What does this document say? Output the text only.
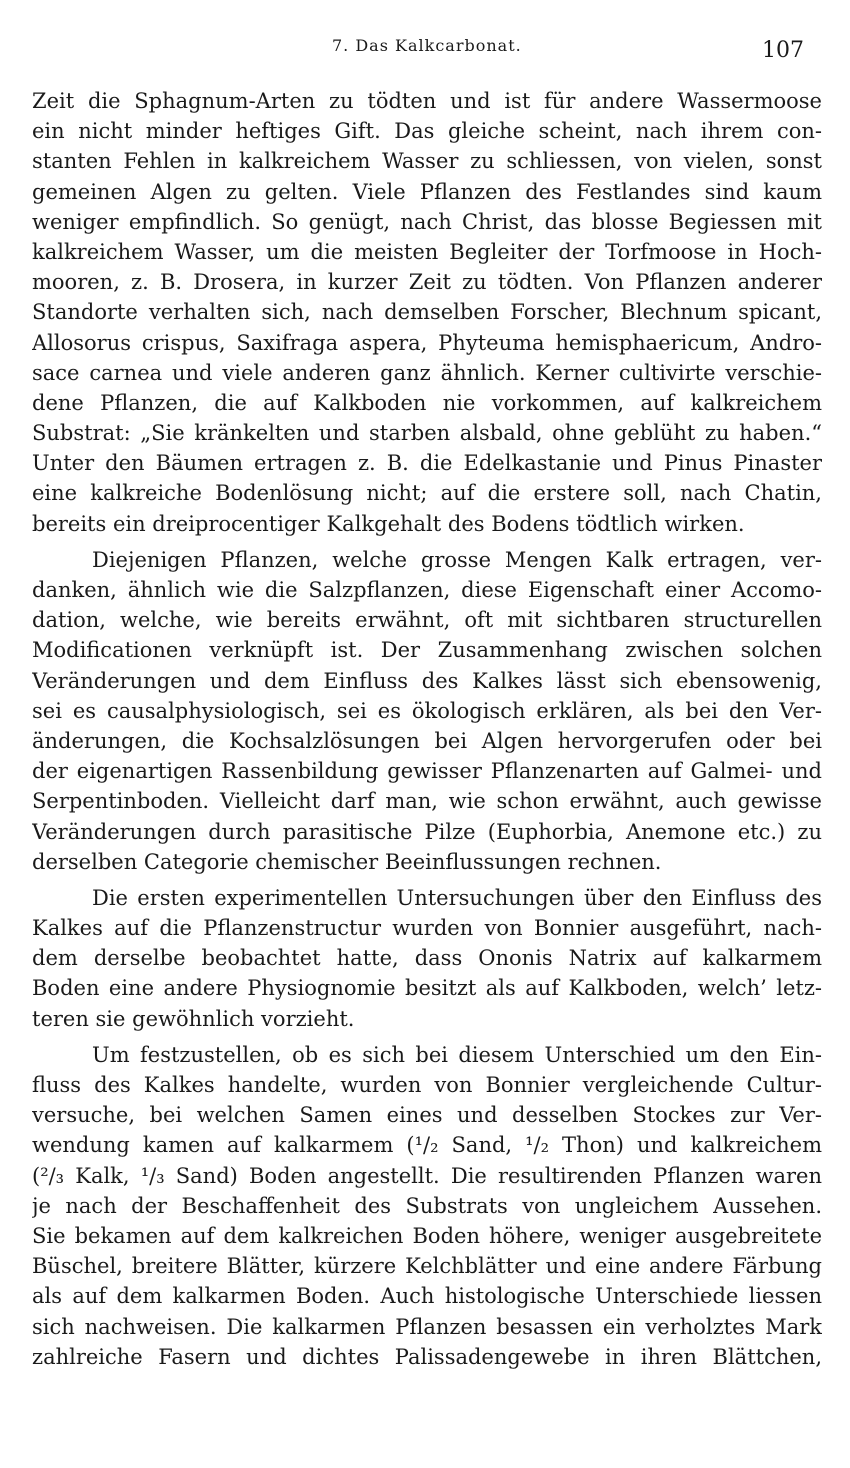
7. Das Kalkcarbonat.	107
Zeit die Sphagnum-Arten zu tödten und ist für andere Wassermoose
ein nicht minder heftiges Gift. Das gleiche scheint, nach ihrem con-
stanten Fehlen in kalkreichem Wasser zu schliessen, von vielen, sonst
gemeinen Algen zu gelten. Viele Pflanzen des Festlandes sind kaum
weniger empfindlich. So genügt, nach Christ, das blosse Begiessen mit
kalkreichem Wasser, um die meisten Begleiter der Torfmoose in Hoch-
mooren, z. B. Drosera, in kurzer Zeit zu tödten. Von Pflanzen anderer
Standorte verhalten sich, nach demselben Forscher, Blechnum spicant,
Allosorus crispus, Saxifraga aspera, Phyteuma hemisphaericum, Andro-
sace carnea und viele anderen ganz ähnlich. Kerner cultivirte verschie-
dene Pflanzen, die auf Kalkboden nie vorkommen, auf kalkreichem
Substrat: „Sie kränkelten und starben alsbald, ohne geblüht zu haben.“
Unter den Bäumen ertragen z. B. die Edelkastanie und Pinus Pinaster
eine kalkreiche Bodenlösung nicht; auf die erstere soll, nach Chatin,
bereits ein dreiprocentiger Kalkgehalt des Bodens tödtlich wirken.
Diejenigen Pflanzen, welche grosse Mengen Kalk ertragen, ver-
danken, ähnlich wie die Salzpflanzen, diese Eigenschaft einer Accomo-
dation, welche, wie bereits erwähnt, oft mit sichtbaren structurellen
Modificationen verknüpft ist. Der Zusammenhang zwischen solchen
Veränderungen und dem Einfluss des Kalkes lässt sich ebensowenig,
sei es causalphysiologisch, sei es ökologisch erklären, als bei den Ver-
änderungen, die Kochsalzlösungen bei Algen hervorgerufen oder bei
der eigenartigen Rassenbildung gewisser Pflanzenarten auf Galmei- und
Serpentinboden. Vielleicht darf man, wie schon erwähnt, auch gewisse
Veränderungen durch parasitische Pilze (Euphorbia, Anemone etc.) zu
derselben Categorie chemischer Beeinflussungen rechnen.
Die ersten experimentellen Untersuchungen über den Einfluss des
Kalkes auf die Pflanzenstructur wurden von Bonnier ausgeführt, nach-
dem derselbe beobachtet hatte, dass Ononis Natrix auf kalkarmem
Boden eine andere Physiognomie besitzt als auf Kalkboden, welch’ letz-
teren sie gewöhnlich vorzieht.
Um festzustellen, ob es sich bei diesem Unterschied um den Ein-
fluss des Kalkes handelte, wurden von Bonnier vergleichende Cultur-
versuche, bei welchen Samen eines und desselben Stockes zur Ver-
wendung kamen auf kalkarmem (¹/₂ Sand, ¹/₂ Thon) und kalkreichem
(²/₃ Kalk, ¹/₃ Sand) Boden angestellt. Die resultirenden Pflanzen waren
je nach der Beschaffenheit des Substrats von ungleichem Aussehen.
Sie bekamen auf dem kalkreichen Boden höhere, weniger ausgebreitete
Büschel, breitere Blätter, kürzere Kelchblätter und eine andere Färbung
als auf dem kalkarmen Boden. Auch histologische Unterschiede liessen
sich nachweisen. Die kalkarmen Pflanzen besassen ein verholztes Mark
zahlreiche Fasern und dichtes Palissadengewebe in ihren Blättchen,
